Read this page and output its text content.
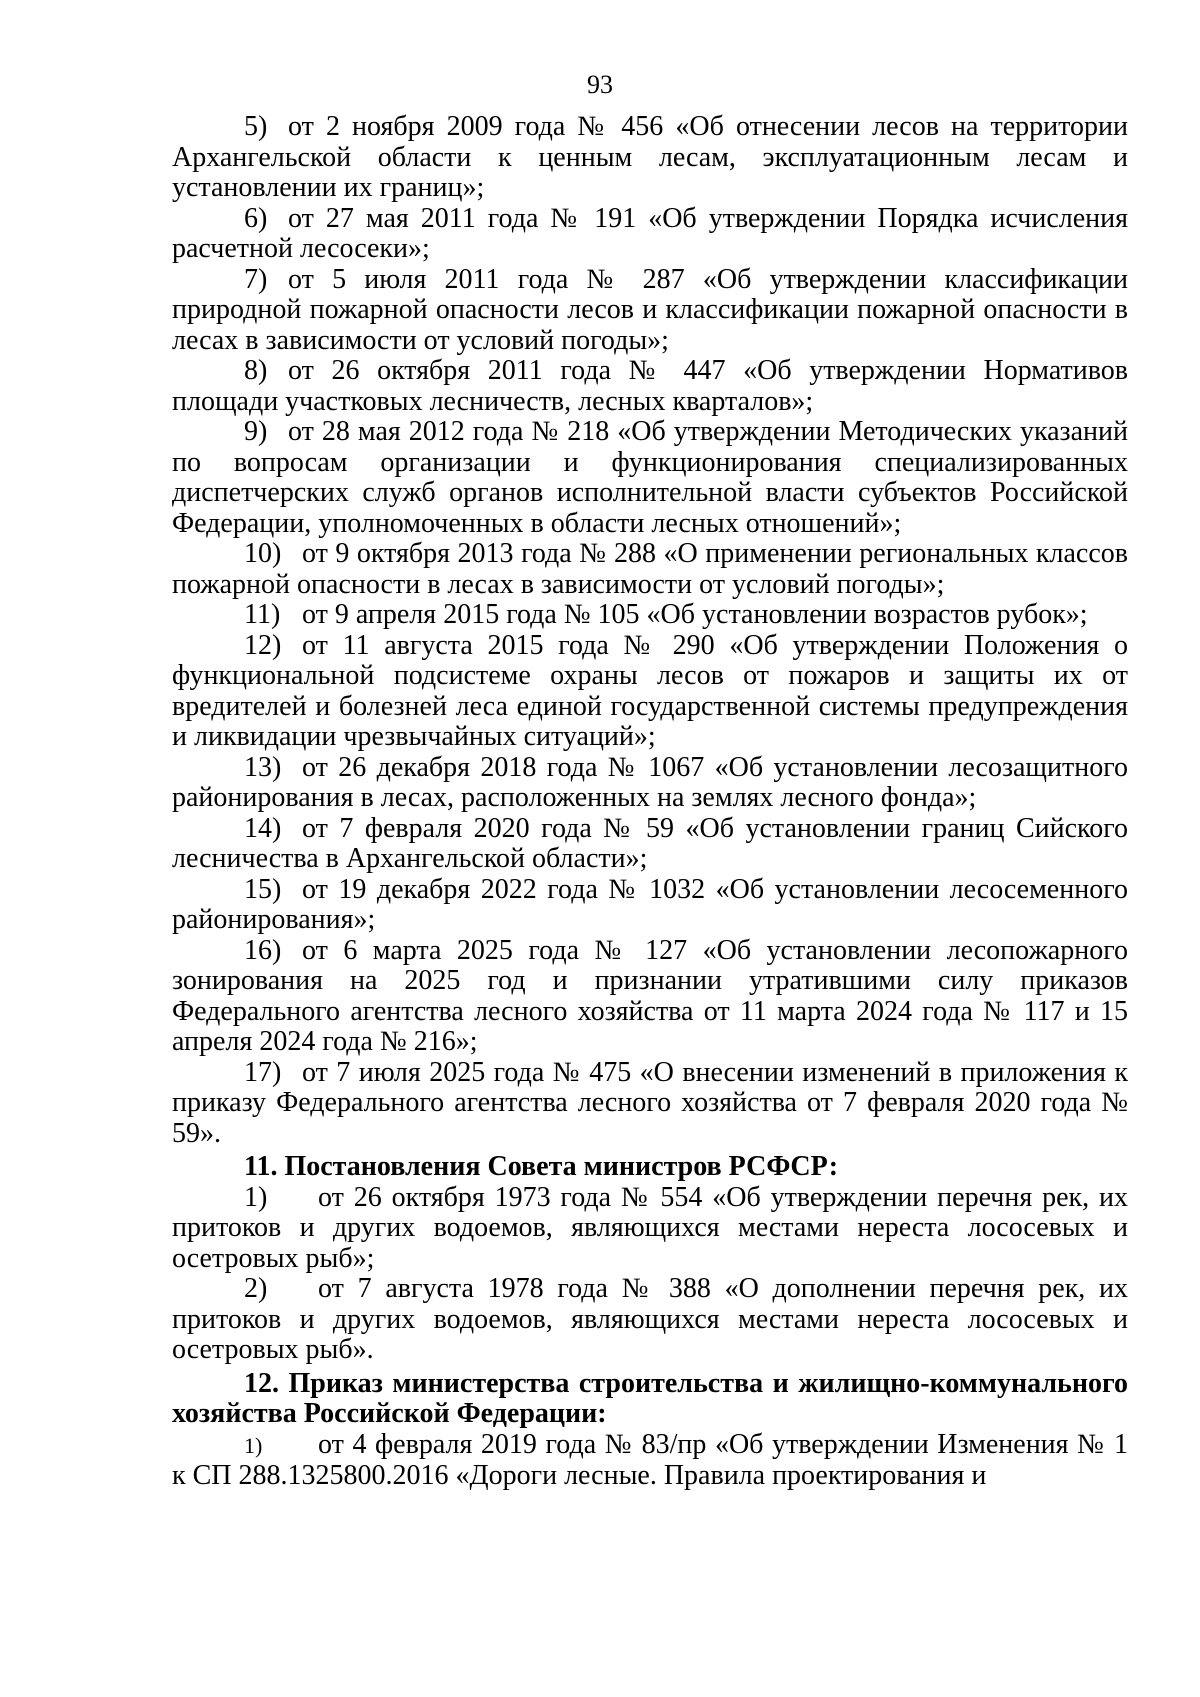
93

5) от 2 ноября 2009 года № 456 «Об отнесении лесов на территории Архангельской области к ценным лесам, эксплуатационным лесам и установлении их границ»;

6) от 27 мая 2011 года № 191 «Об утверждении Порядка исчисления расчетной лесосеки»;

7) от 5 июля 2011 года № 287 «Об утверждении классификации природной пожарной опасности лесов и классификации пожарной опасности в лесах в зависимости от условий погоды»;

8) от 26 октября 2011 года № 447 «Об утверждении Нормативов площади участковых лесничеств, лесных кварталов»;

9) от 28 мая 2012 года № 218 «Об утверждении Методических указаний по вопросам организации и функционирования специализированных диспетчерских служб органов исполнительной власти субъектов Российской Федерации, уполномоченных в области лесных отношений»;

10) от 9 октября 2013 года № 288 «О применении региональных классов пожарной опасности в лесах в зависимости от условий погоды»;

11) от 9 апреля 2015 года № 105 «Об установлении возрастов рубок»;

12) от 11 августа 2015 года № 290 «Об утверждении Положения о функциональной подсистеме охраны лесов от пожаров и защиты их от вредителей и болезней леса единой государственной системы предупреждения и ликвидации чрезвычайных ситуаций»;

13) от 26 декабря 2018 года № 1067 «Об установлении лесозащитного районирования в лесах, расположенных на землях лесного фонда»;

14) от 7 февраля 2020 года № 59 «Об установлении границ Сийского лесничества в Архангельской области»;

15) от 19 декабря 2022 года № 1032 «Об установлении лесосеменного районирования»;

16) от 6 марта 2025 года № 127 «Об установлении лесопожарного зонирования на 2025 год и признании утратившими силу приказов Федерального агентства лесного хозяйства от 11 марта 2024 года № 117 и 15 апреля 2024 года № 216»;

17) от 7 июля 2025 года № 475 «О внесении изменений в приложения к приказу Федерального агентства лесного хозяйства от 7 февраля 2020 года № 59».

11. Постановления Совета министров РСФСР:

1) от 26 октября 1973 года № 554 «Об утверждении перечня рек, их притоков и других водоемов, являющихся местами нереста лососевых и осетровых рыб»;

2) от 7 августа 1978 года № 388 «О дополнении перечня рек, их притоков и других водоемов, являющихся местами нереста лососевых и осетровых рыб».

12. Приказ министерства строительства и жилищно-коммунального хозяйства Российской Федерации:

1) от 4 февраля 2019 года № 83/пр «Об утверждении Изменения № 1 к СП 288.1325800.2016 «Дороги лесные. Правила проектирования и
